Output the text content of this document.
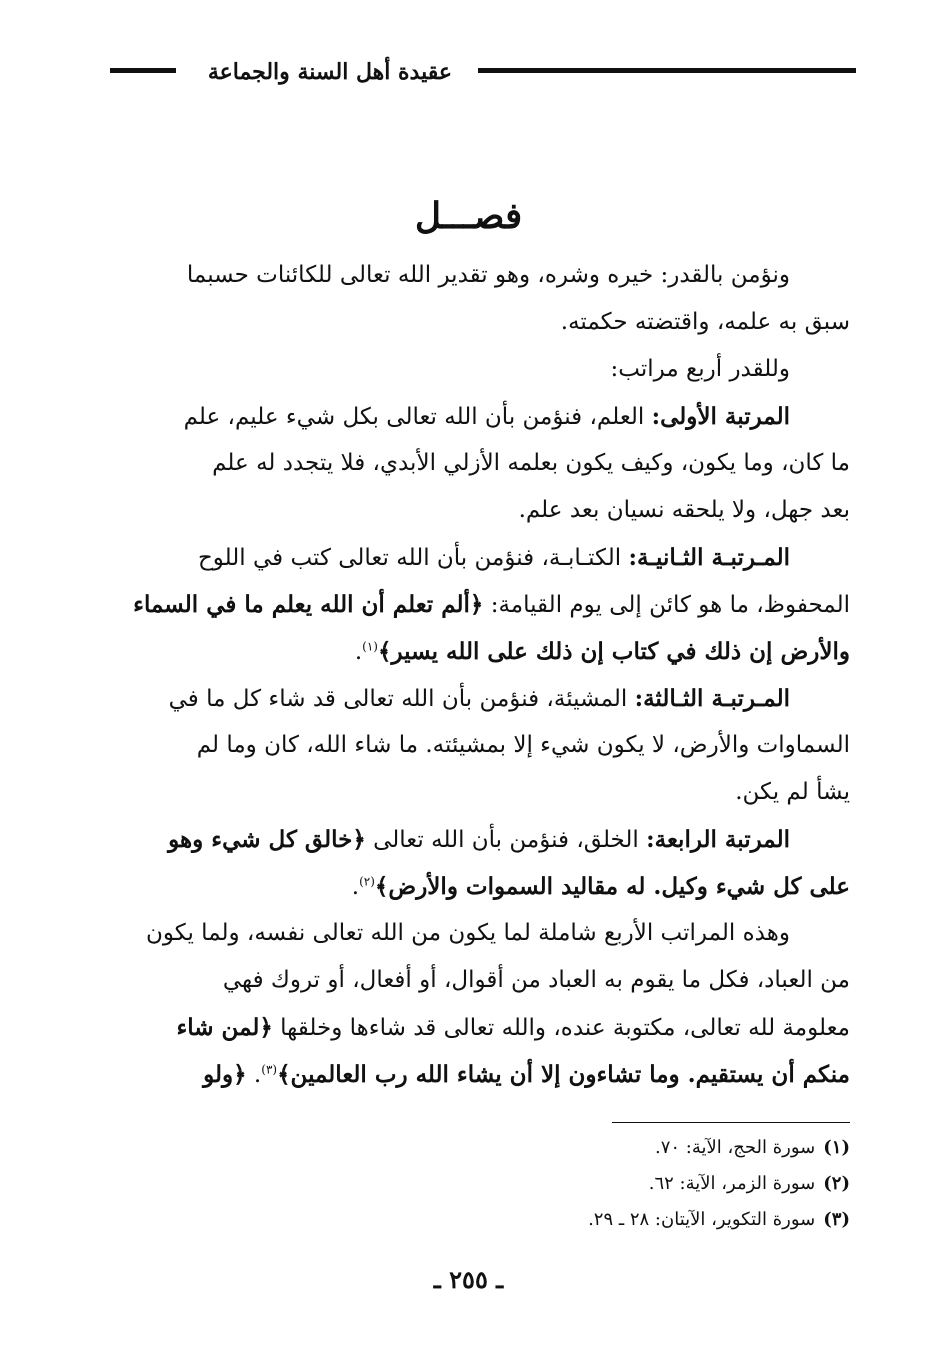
عقيدة أهل السنة والجماعة

فصـــل
ونؤمن بالقدر: خيره وشره، وهو تقدير الله تعالى للكائنات حسبما
سبق به علمه، واقتضته حكمته.
وللقدر أربع مراتب:
المرتبة الأولى: العلم، فنؤمن بأن الله تعالى بكل شيء عليم، علم
ما كان، وما يكون، وكيف يكون بعلمه الأزلي الأبدي، فلا يتجدد له علم
بعد جهل، ولا يلحقه نسيان بعد علم.
المـرتبـة الثـانيـة: الكتـابـة، فنؤمن بأن الله تعالى كتب في اللوح
المحفوظ، ما هو كائن إلى يوم القيامة: ﴿ألم تعلم أن الله يعلم ما في السماء
والأرض إن ذلك في كتاب إن ذلك على الله يسير﴾$^{(١)}$.
المـرتبـة الثـالثة: المشيئة، فنؤمن بأن الله تعالى قد شاء كل ما في
السماوات والأرض، لا يكون شيء إلا بمشيئته. ما شاء الله، كان وما لم
يشأ لم يكن.
المرتبة الرابعة: الخلق، فنؤمن بأن الله تعالى ﴿خالق كل شيء وهو
على كل شيء وكيل. له مقاليد السموات والأرض﴾$^{(٢)}$.
وهذه المراتب الأربع شاملة لما يكون من الله تعالى نفسه، ولما يكون
من العباد، فكل ما يقوم به العباد من أقوال، أو أفعال، أو تروك فهي
معلومة لله تعالى، مكتوبة عنده، والله تعالى قد شاءها وخلقها ﴿لمن شاء
منكم أن يستقيم. وما تشاءون إلا أن يشاء الله رب العالمين﴾$^{(٣)}$. ﴿ولو
(١)سورة الحج، الآية: ٧٠.
(٢)سورة الزمر، الآية: ٦٢.
(٣)سورة التكوير، الآيتان: ٢٨ ـ ٢٩.

ـ ٢٥٥ ـ
